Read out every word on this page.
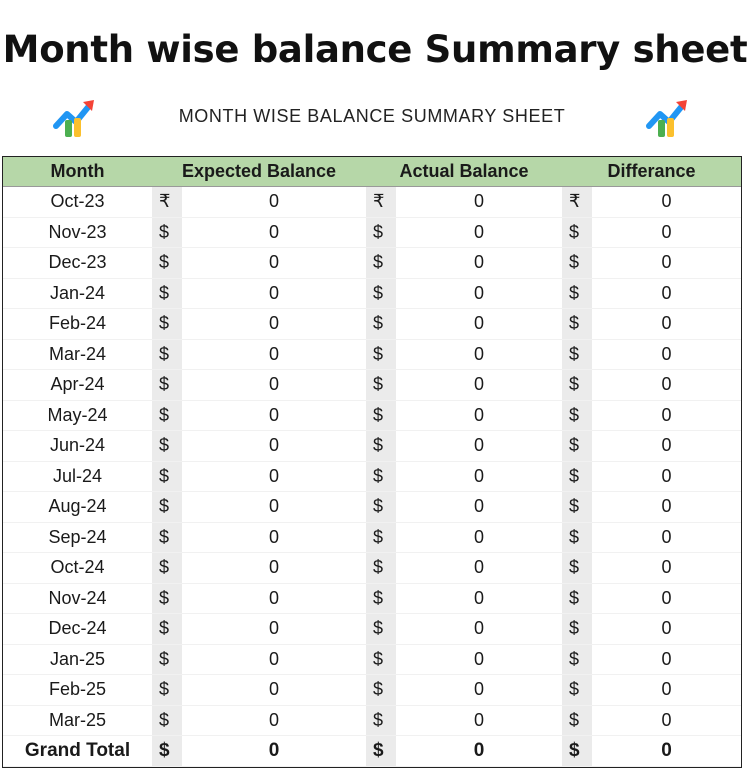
Month wise balance Summary sheet
MONTH WISE BALANCE SUMMARY SHEET
Month	Expected Balance		Actual Balance		Differance	
Oct-23	₹	0	₹	0	₹	0
Nov-23	$	0	$	0	$	0
Dec-23	$	0	$	0	$	0
Jan-24	$	0	$	0	$	0
Feb-24	$	0	$	0	$	0
Mar-24	$	0	$	0	$	0
Apr-24	$	0	$	0	$	0
May-24	$	0	$	0	$	0
Jun-24	$	0	$	0	$	0
Jul-24	$	0	$	0	$	0
Aug-24	$	0	$	0	$	0
Sep-24	$	0	$	0	$	0
Oct-24	$	0	$	0	$	0
Nov-24	$	0	$	0	$	0
Dec-24	$	0	$	0	$	0
Jan-25	$	0	$	0	$	0
Feb-25	$	0	$	0	$	0
Mar-25	$	0	$	0	$	0
Grand Total	$	0	$	0	$	0
